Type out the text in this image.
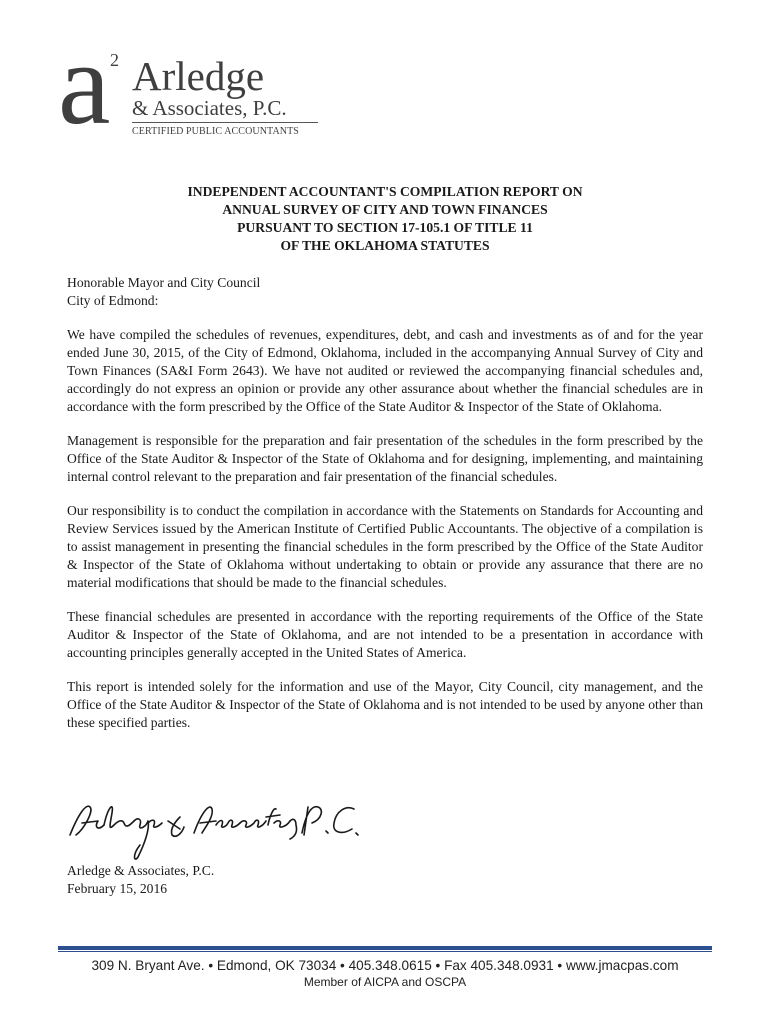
a 2 Arledge
& Associates, P.C.
CERTIFIED PUBLIC ACCOUNTANTS
INDEPENDENT ACCOUNTANT'S COMPILATION REPORT ON
ANNUAL SURVEY OF CITY AND TOWN FINANCES
PURSUANT TO SECTION 17-105.1 OF TITLE 11
OF THE OKLAHOMA STATUTES

Honorable Mayor and City Council
City of Edmond:

We have compiled the schedules of revenues, expenditures, debt, and cash and investments as of and for the year ended June 30, 2015, of the City of Edmond, Oklahoma, included in the accompanying Annual Survey of City and Town Finances (SA&I Form 2643). We have not audited or reviewed the accompanying financial schedules and, accordingly do not express an opinion or provide any other assurance about whether the financial schedules are in accordance with the form prescribed by the Office of the State Auditor & Inspector of the State of Oklahoma.

Management is responsible for the preparation and fair presentation of the schedules in the form prescribed by the Office of the State Auditor & Inspector of the State of Oklahoma and for designing, implementing, and maintaining internal control relevant to the preparation and fair presentation of the financial schedules.

Our responsibility is to conduct the compilation in accordance with the Statements on Standards for Accounting and Review Services issued by the American Institute of Certified Public Accountants. The objective of a compilation is to assist management in presenting the financial schedules in the form prescribed by the Office of the State Auditor & Inspector of the State of Oklahoma without undertaking to obtain or provide any assurance that there are no material modifications that should be made to the financial schedules.

These financial schedules are presented in accordance with the reporting requirements of the Office of the State Auditor & Inspector of the State of Oklahoma, and are not intended to be a presentation in accordance with accounting principles generally accepted in the United States of America.

This report is intended solely for the information and use of the Mayor, City Council, city management, and the Office of the State Auditor & Inspector of the State of Oklahoma and is not intended to be used by anyone other than these specified parties.

Arledge & Associates, P.C.
February 15, 2016
309 N. Bryant Ave. • Edmond, OK 73034 • 405.348.0615 • Fax 405.348.0931 • www.jmacpas.com
Member of AICPA and OSCPA
